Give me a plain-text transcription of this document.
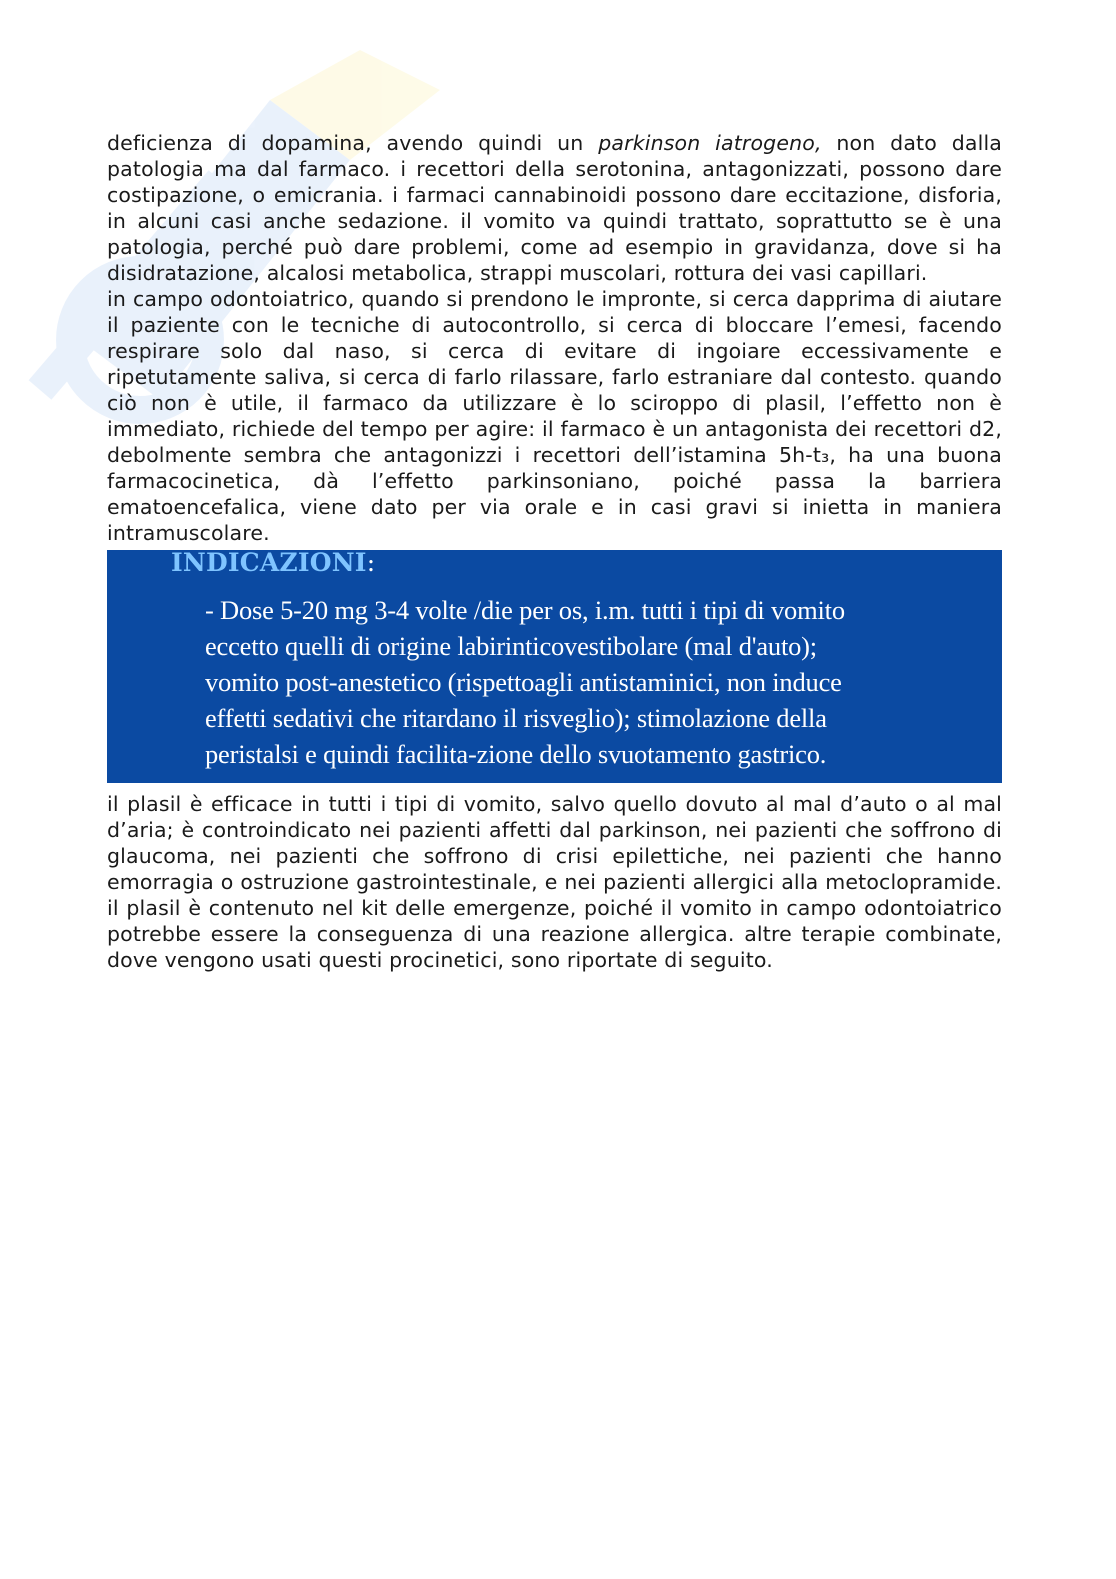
deficienza di dopamina, avendo quindi un parkinson iatrogeno, non dato dalla patologia ma dal farmaco. i recettori della serotonina, antagonizzati, possono dare costipazione, o emicrania. i farmaci cannabinoidi possono dare eccitazione, disforia, in alcuni casi anche sedazione. il vomito va quindi trattato, soprattutto se è una patologia, perché può dare problemi, come ad esempio in gravidanza, dove si ha disidratazione, alcalosi metabolica, strappi muscolari, rottura dei vasi capillari.

in campo odontoiatrico, quando si prendono le impronte, si cerca dapprima di aiutare il paziente con le tecniche di autocontrollo, si cerca di bloccare l’emesi, facendo respirare solo dal naso, si cerca di evitare di ingoiare eccessivamente e ripetutamente saliva, si cerca di farlo rilassare, farlo estraniare dal contesto. quando ciò non è utile, il farmaco da utilizzare è lo sciroppo di plasil, l’effetto non è immediato, richiede del tempo per agire: il farmaco è un antagonista dei recettori d2, debolmente sembra che antagonizzi i recettori dell’istamina 5h-t₃, ha una buona farmacocinetica, dà l’effetto parkinsoniano, poiché passa la barriera ematoencefalica, viene dato per via orale e in casi gravi si inietta in maniera intramuscolare.

INDICAZIONI:
- Dose 5-20 mg 3-4 volte /die per os, i.m. tutti i tipi di vomito
eccetto quelli di origine labirinticovestibolare (mal d'auto);
vomito post-anestetico (rispettoagli antistaminici, non induce
effetti sedativi che ritardano il risveglio); stimolazione della
peristalsi e quindi facilita-zione dello svuotamento gastrico.

il plasil è efficace in tutti i tipi di vomito, salvo quello dovuto al mal d’auto o al mal d’aria; è controindicato nei pazienti affetti dal parkinson, nei pazienti che soffrono di glaucoma, nei pazienti che soffrono di crisi epilettiche, nei pazienti che hanno emorragia o ostruzione gastrointestinale, e nei pazienti allergici alla metoclopramide. il plasil è contenuto nel kit delle emergenze, poiché il vomito in campo odontoiatrico potrebbe essere la conseguenza di una reazione allergica. altre terapie combinate, dove vengono usati questi procinetici, sono riportate di seguito.
